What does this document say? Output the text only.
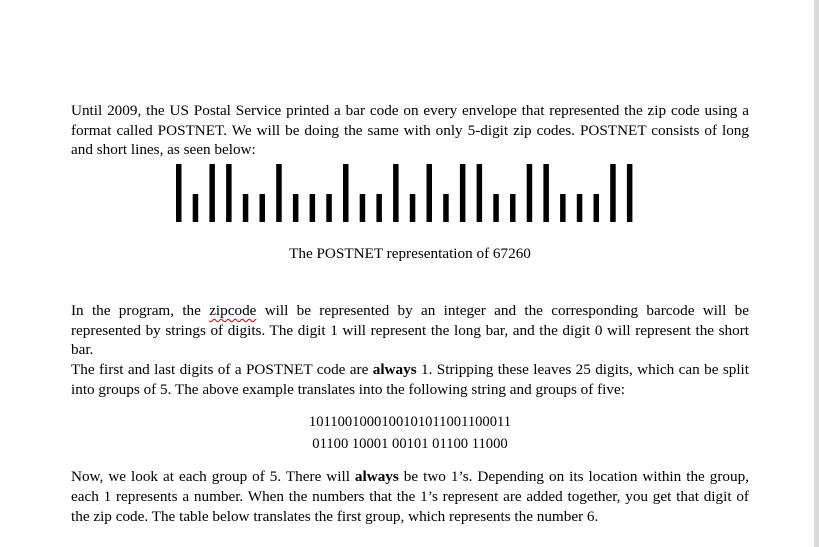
Until 2009, the US Postal Service printed a bar code on every envelope that represented the zip code using a format called POSTNET. We will be doing the same with only 5-digit zip codes. POSTNET consists of long and short lines, as seen below:

The POSTNET representation of 67260

In the program, the zipcode will be represented by an integer and the corresponding barcode will be represented by strings of digits. The digit 1 will represent the long bar, and the digit 0 will represent the short bar.

The first and last digits of a POSTNET code are always 1. Stripping these leaves 25 digits, which can be split into groups of 5. The above example translates into the following string and groups of five:

1011001000100101011001100011
01100 10001 00101 01100 11000

Now, we look at each group of 5. There will always be two 1’s. Depending on its location within the group, each 1 represents a number. When the numbers that the 1’s represent are added together, you get that digit of the zip code. The table below translates the first group, which represents the number 6.
